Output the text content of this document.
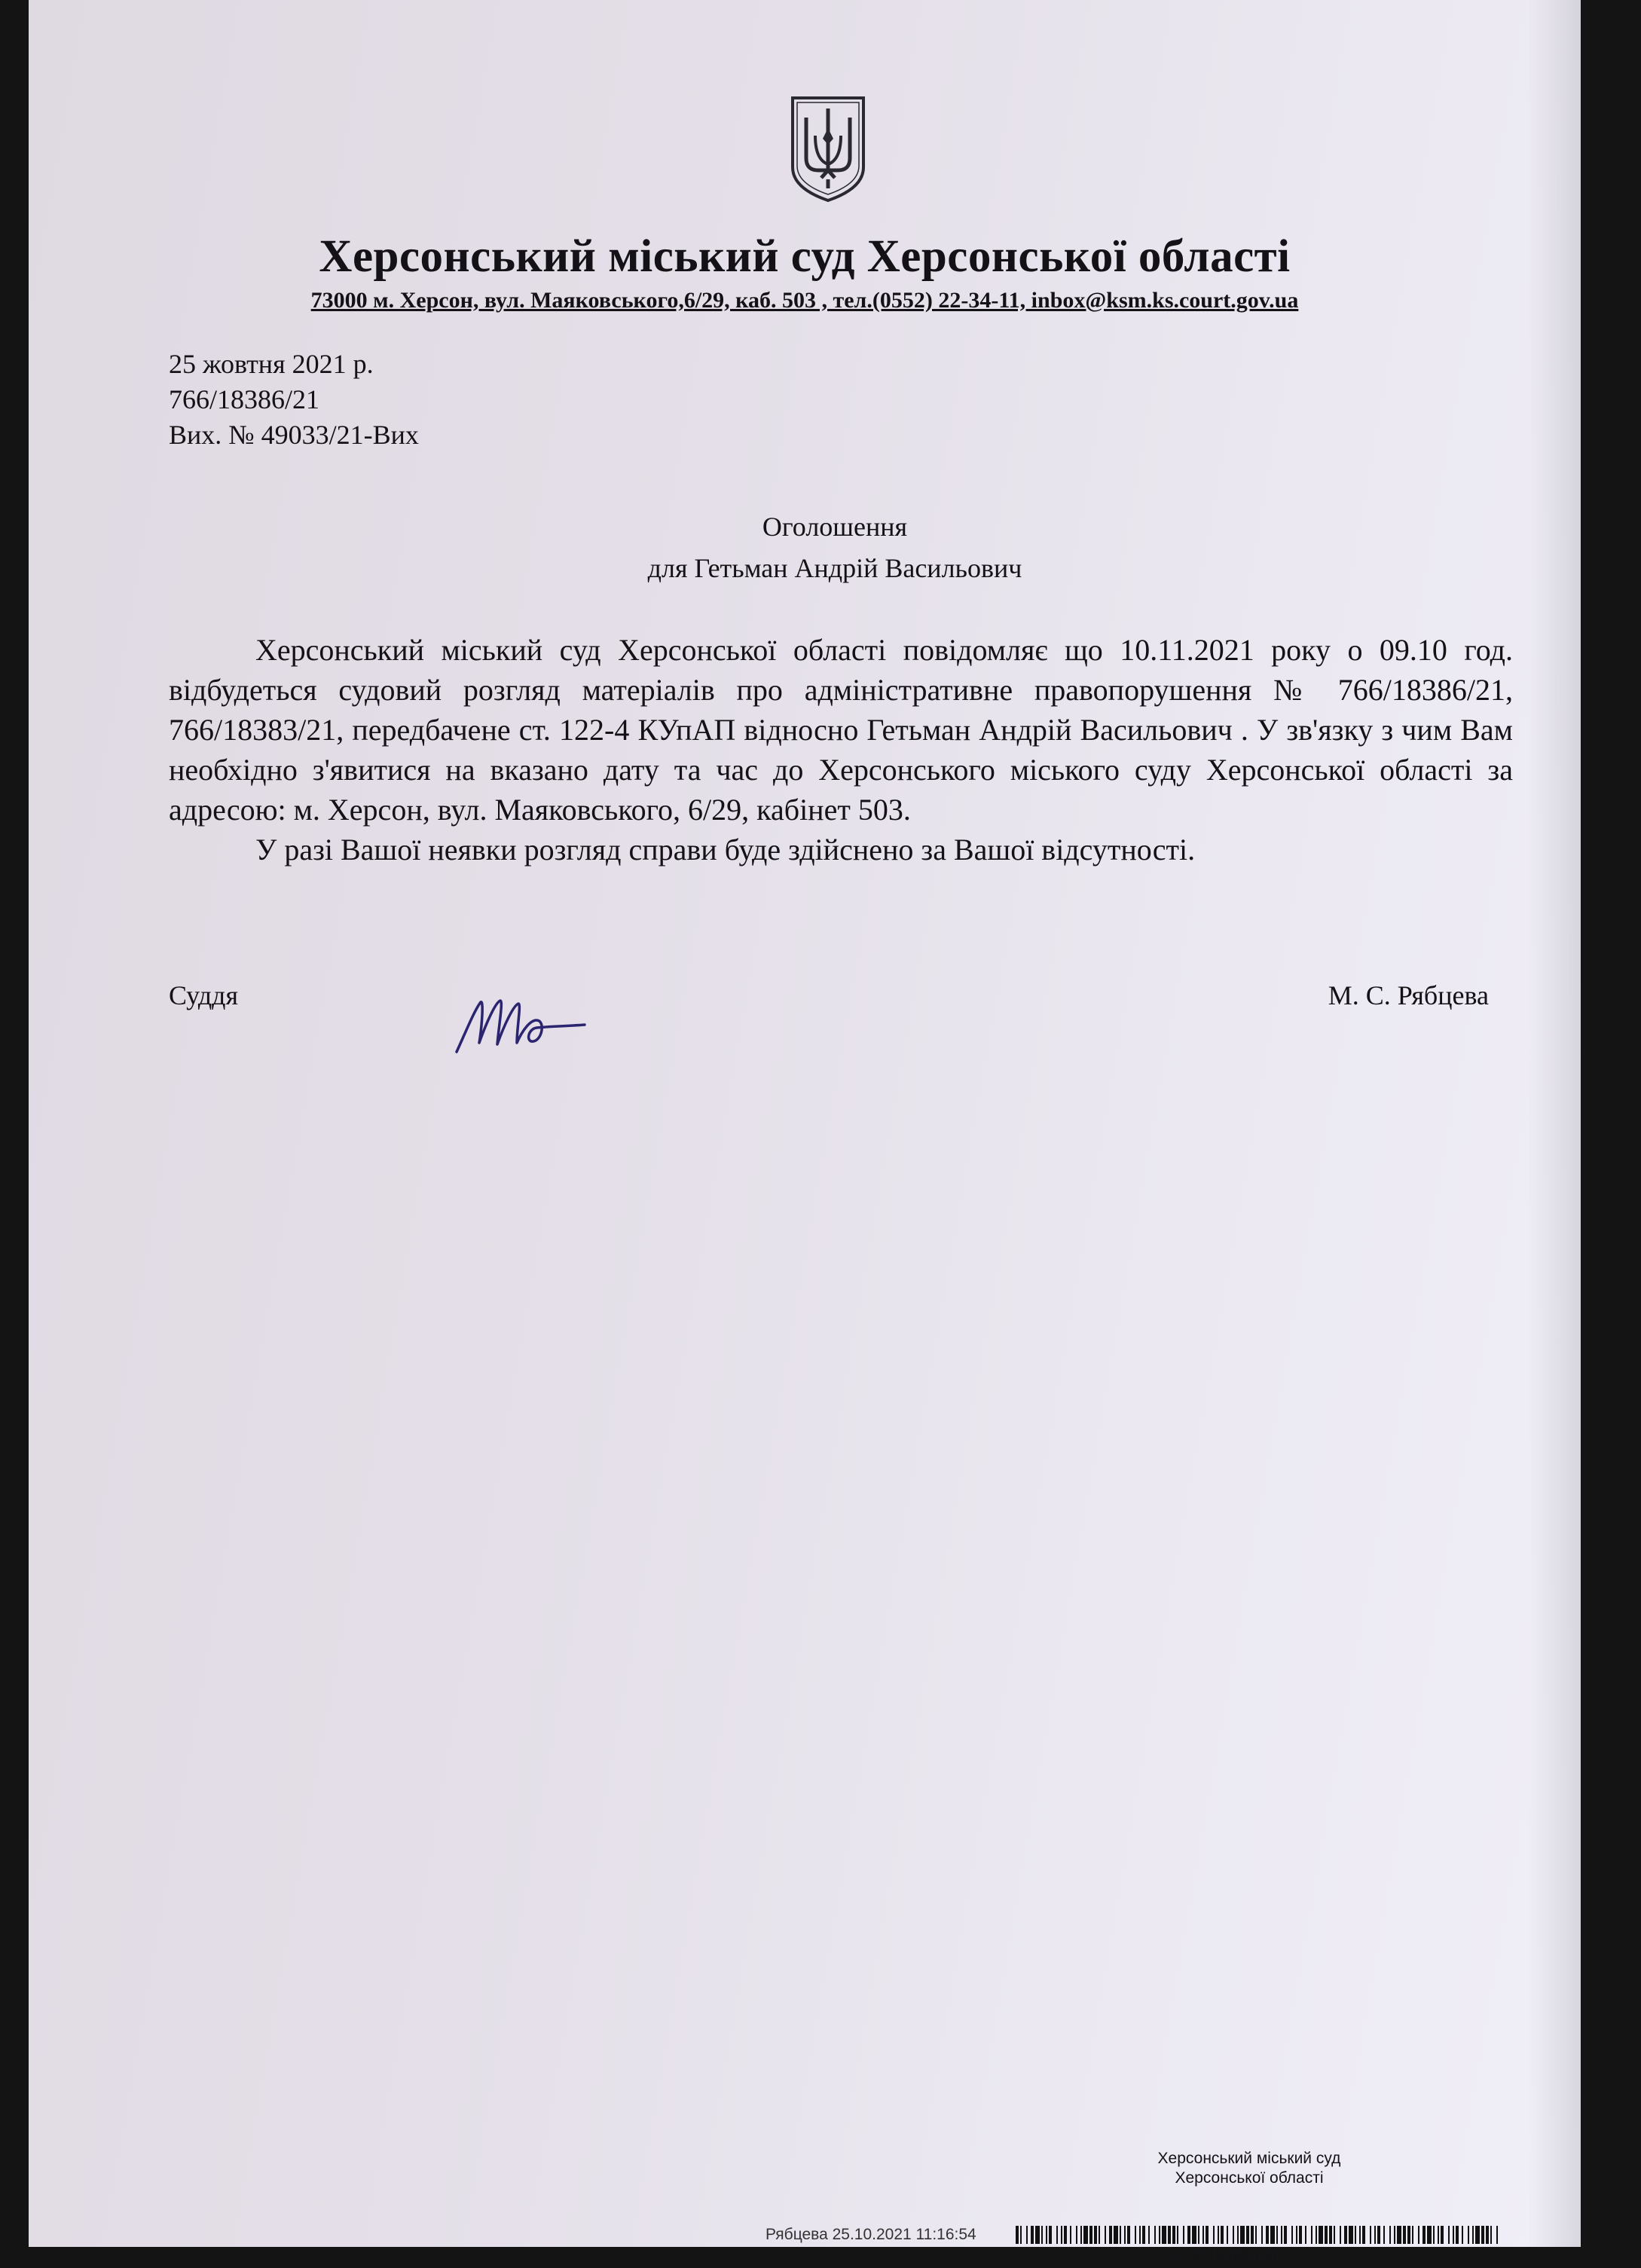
Херсонський міський суд Херсонської області
73000 м. Херсон, вул. Маяковського,6/29, каб. 503 , тел.(0552) 22-34-11, inbox@ksm.ks.court.gov.ua
25 жовтня 2021 р.
766/18386/21
Вих. № 49033/21-Вих
Оголошення
для Гетьман Андрій Васильович

Херсонський міський суд Херсонської області повідомляє що 10.11.2021 року о 09.10 год. відбудеться судовий розгляд матеріалів про адміністративне правопорушення № 766/18386/21, 766/18383/21, передбачене ст. 122-4 КУпАП відносно Гетьман Андрій Васильович . У зв'язку з чим Вам необхідно з'явитися на вказано дату та час до Херсонського міського суду Херсонської області за адресою: м. Херсон, вул. Маяковського, 6/29, кабінет 503.

У разі Вашої неявки розгляд справи буде здійснено за Вашої відсутності.

Суддя	М. С. Рябцева
Херсонський міський суд
Херсонської області
Рябцева 25.10.2021 11:16:54
*2125*49966400*1*1*
